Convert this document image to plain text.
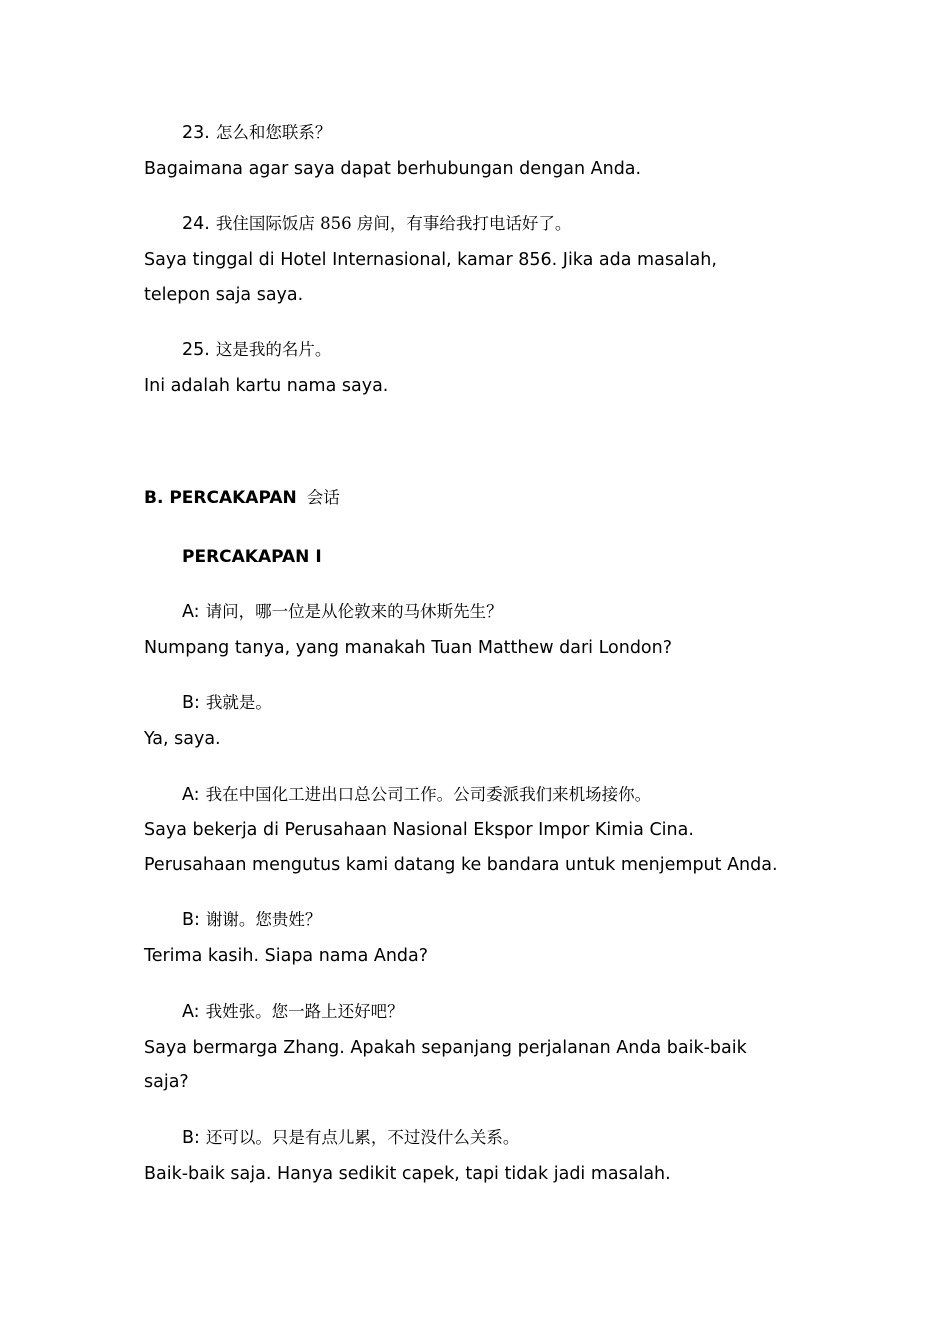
23. 怎么和您联系？

Bagaimana agar saya dapat berhubungan dengan Anda.

24. 我住国际饭店 856 房间，有事给我打电话好了。

Saya tinggal di Hotel Internasional, kamar 856. Jika ada masalah,

telepon saja saya.

25. 这是我的名片。

Ini adalah kartu nama saya.

B. PERCAKAPAN 会话

PERCAKAPAN I

A: 请问，哪一位是从伦敦来的马休斯先生？

Numpang tanya, yang manakah Tuan Matthew dari London?

B: 我就是。

Ya, saya.

A: 我在中国化工进出口总公司工作。公司委派我们来机场接你。

Saya bekerja di Perusahaan Nasional Ekspor Impor Kimia Cina.

Perusahaan mengutus kami datang ke bandara untuk menjemput Anda.

B: 谢谢。您贵姓？

Terima kasih. Siapa nama Anda?

A: 我姓张。您一路上还好吧？

Saya bermarga Zhang. Apakah sepanjang perjalanan Anda baik-baik

saja?

B: 还可以。只是有点儿累，不过没什么关系。

Baik-baik saja. Hanya sedikit capek, tapi tidak jadi masalah.
